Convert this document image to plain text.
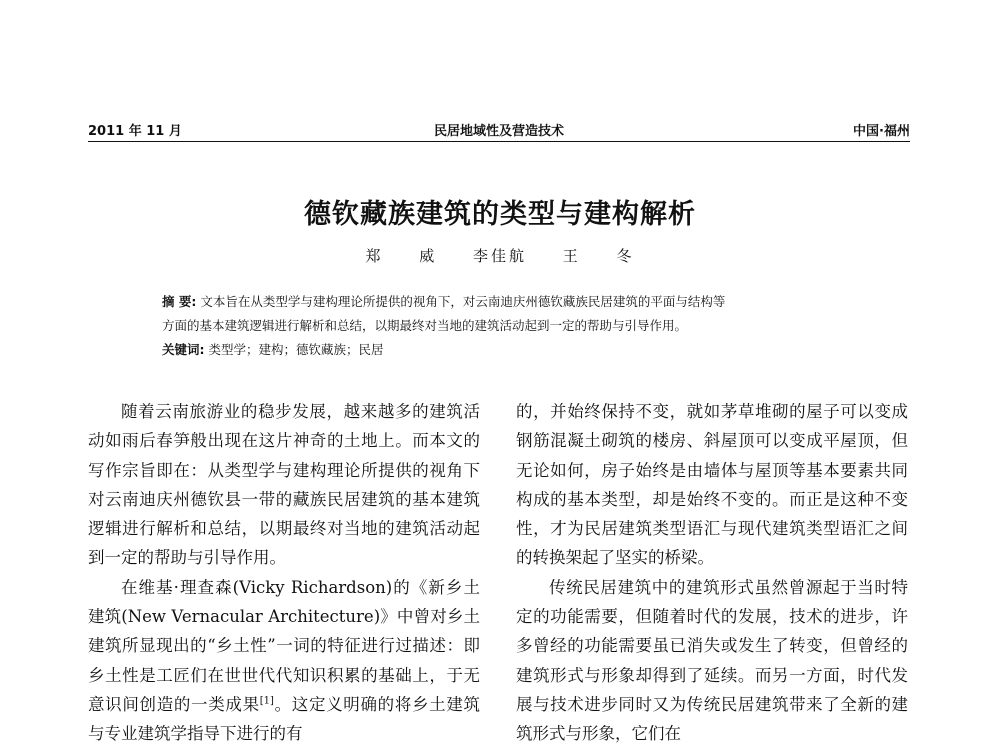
2011 年 11 月	民居地域性及营造技术	中国·福州
德钦藏族建筑的类型与建构解析
郑 威 李佳航 王 冬

摘 要: 文本旨在从类型学与建构理论所提供的视角下，对云南迪庆州德钦藏族民居建筑的平面与结构等

方面的基本建筑逻辑进行解析和总结，以期最终对当地的建筑活动起到一定的帮助与引导作用。

关键词: 类型学；建构；德钦藏族；民居

随着云南旅游业的稳步发展，越来越多的建筑活动如雨后春笋般出现在这片神奇的土地上。而本文的写作宗旨即在：从类型学与建构理论所提供的视角下对云南迪庆州德钦县一带的藏族民居建筑的基本建筑逻辑进行解析和总结，以期最终对当地的建筑活动起到一定的帮助与引导作用。

在维基·理查森(Vicky Richardson)的《新乡土建筑(New Vernacular Architecture)》中曾对乡土建筑所显现出的“乡土性”一词的特征进行过描述：即乡土性是工匠们在世世代代知识积累的基础上，于无意识间创造的一类成果[1]。这定义明确的将乡土建筑与专业建筑学指导下进行的有

的，并始终保持不变，就如茅草堆砌的屋子可以变成钢筋混凝土砌筑的楼房、斜屋顶可以变成平屋顶，但无论如何，房子始终是由墙体与屋顶等基本要素共同构成的基本类型，却是始终不变的。而正是这种不变性，才为民居建筑类型语汇与现代建筑类型语汇之间的转换架起了坚实的桥梁。

传统民居建筑中的建筑形式虽然曾源起于当时特定的功能需要，但随着时代的发展，技术的进步，许多曾经的功能需要虽已消失或发生了转变，但曾经的建筑形式与形象却得到了延续。而另一方面，时代发展与技术进步同时又为传统民居建筑带来了全新的建筑形式与形象，它们在
